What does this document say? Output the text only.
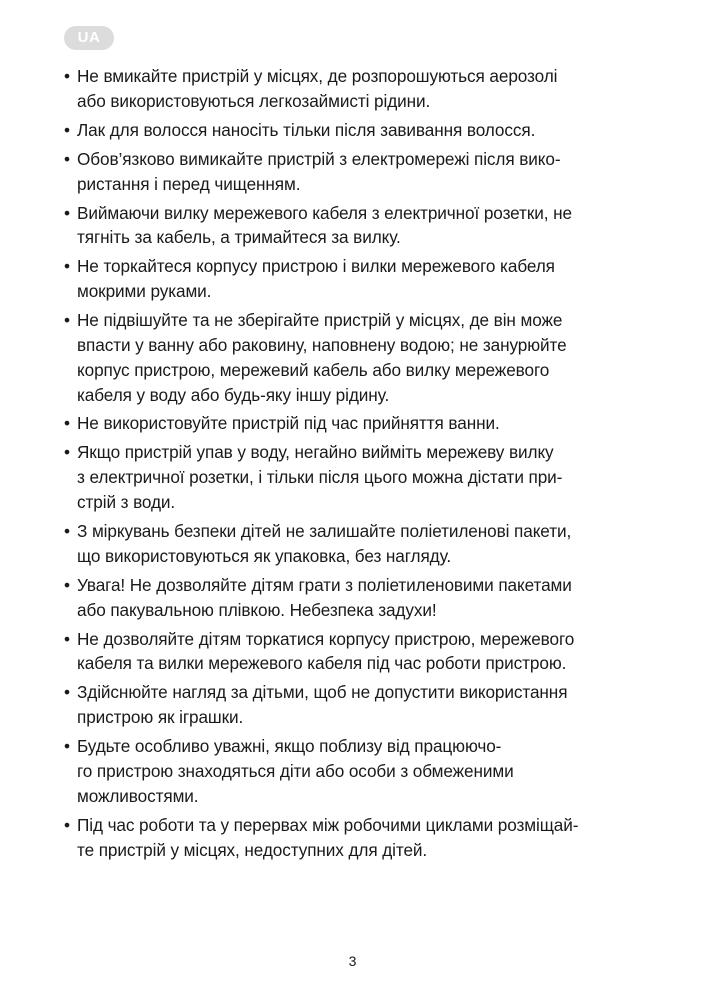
UA
• Не вмикайте пристрій у місцях, де розпорошуються аерозолі
або використовуються легкозаймисті рідини.
• Лак для волосся наносіть тільки після завивання волосся.
• Обов’язково вимикайте пристрій з електромережі після вико-
ристання і перед чищенням.
• Виймаючи вилку мережевого кабеля з електричної розетки, не
тягніть за кабель, а тримайтеся за вилку.
• Не торкайтеся корпусу пристрою і вилки мережевого кабеля
мокрими руками.
• Не підвішуйте та не зберігайте пристрій у місцях, де він може
впасти у ванну або раковину, наповнену водою; не занурюйте
корпус пристрою, мережевий кабель або вилку мережевого
кабеля у воду або будь-яку іншу рідину.
• Не використовуйте пристрій під час прийняття ванни.
• Якщо пристрій упав у воду, негайно вийміть мережеву вилку
з електричної розетки, і тільки після цього можна дістати при-
стрій з води.
• З міркувань безпеки дітей не залишайте поліетиленові пакети,
що використовуються як упаковка, без нагляду.
• Увага! Не дозволяйте дітям грати з поліетиленовими пакетами
або пакувальною плівкою. Небезпека задухи!
• Не дозволяйте дітям торкатися корпусу пристрою, мережевого
кабеля та вилки мережевого кабеля під час роботи пристрою.
• Здійснюйте нагляд за дітьми, щоб не допустити використання
пристрою як іграшки.
• Будьте особливо уважні, якщо поблизу від працюючо-
го пристрою знаходяться діти або особи з обмеженими
можливостями.
• Під час роботи та у перервах між робочими циклами розміщай-
те пристрій у місцях, недоступних для дітей.
3
